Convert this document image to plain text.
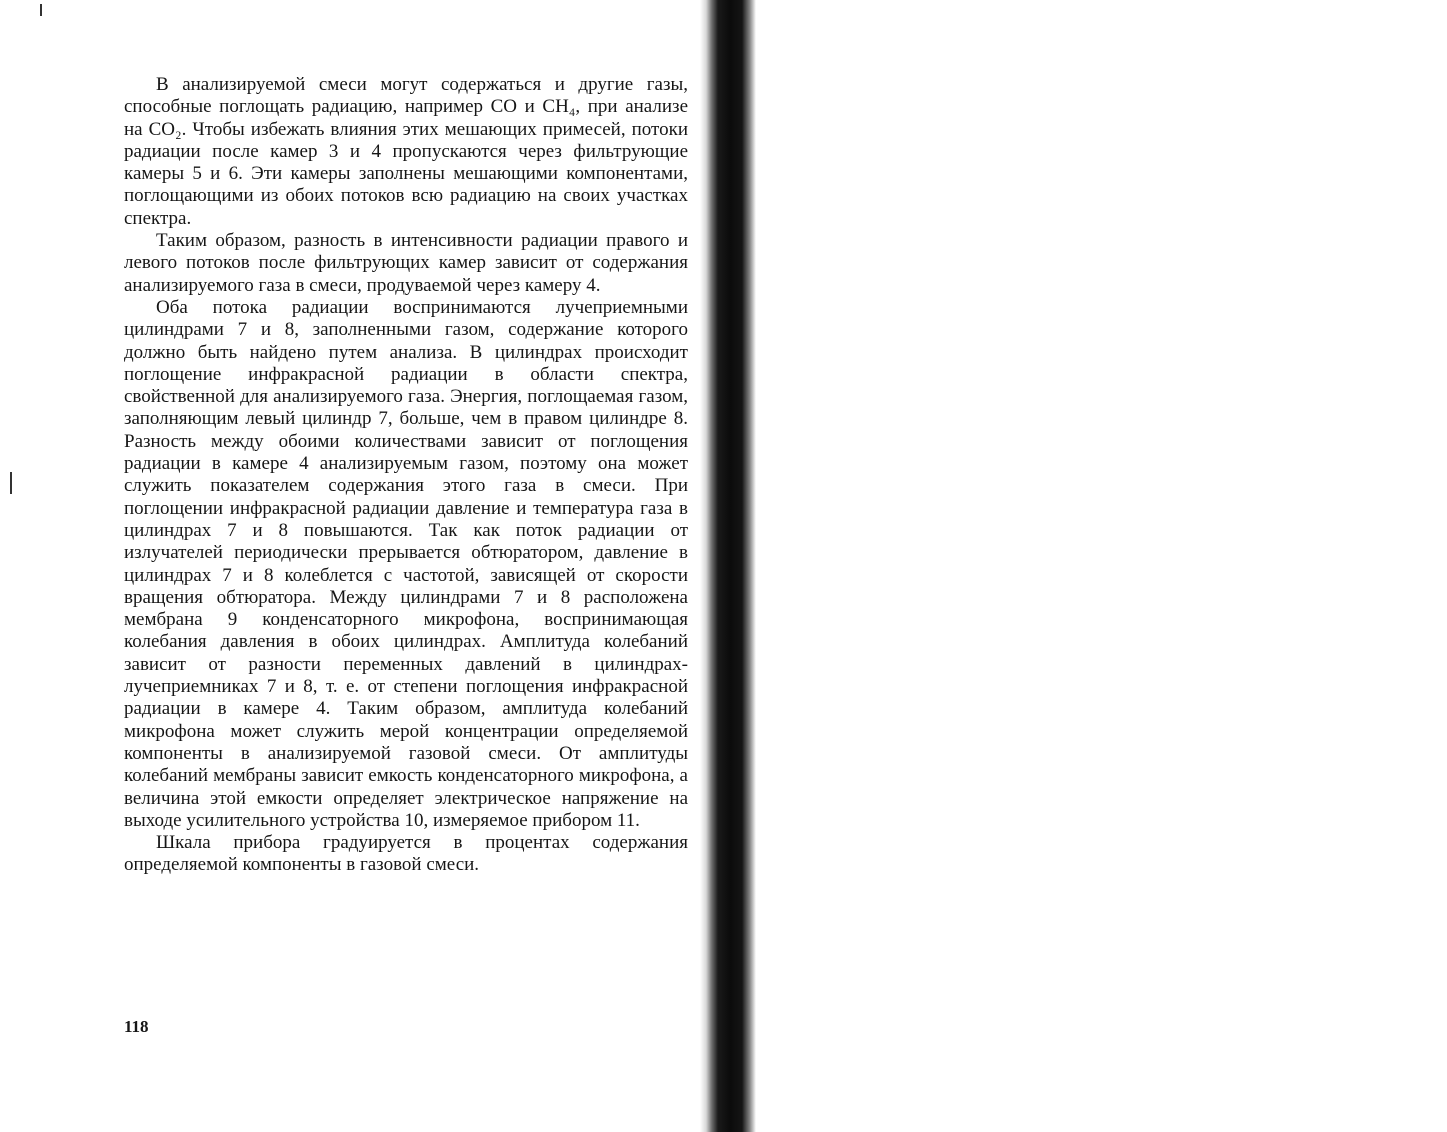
В анализируемой смеси могут содержаться и другие газы, способные поглощать радиацию, например СО и CH₄, при анализе на CO₂. Чтобы избежать влияния этих мешающих примесей, потоки радиации после камер 3 и 4 пропускаются через фильтрующие камеры 5 и 6. Эти камеры заполнены мешающими компонентами, поглощающими из обоих потоков всю радиацию на своих участках спектра.

Таким образом, разность в интенсивности радиации правого и левого потоков после фильтрующих камер зависит от содержания анализируемого газа в смеси, продуваемой через камеру 4.

Оба потока радиации воспринимаются лучеприемными цилиндрами 7 и 8, заполненными газом, содержание которого должно быть найдено путем анализа. В цилиндрах происходит поглощение инфракрасной радиации в области спектра, свойственной для анализируемого газа. Энергия, поглощаемая газом, заполняющим левый цилиндр 7, больше, чем в правом цилиндре 8. Разность между обоими количествами зависит от поглощения радиации в камере 4 анализируемым газом, поэтому она может служить показателем содержания этого газа в смеси. При поглощении инфракрасной радиации давление и температура газа в цилиндрах 7 и 8 повышаются. Так как поток радиации от излучателей периодически прерывается обтюратором, давление в цилиндрах 7 и 8 колеблется с частотой, зависящей от скорости вращения обтюратора. Между цилиндрами 7 и 8 расположена мембрана 9 конденсаторного микрофона, воспринимающая колебания давления в обоих цилиндрах. Амплитуда колебаний зависит от разности переменных давлений в цилиндрах-лучеприемниках 7 и 8, т. е. от степени поглощения инфракрасной радиации в камере 4. Таким образом, амплитуда колебаний микрофона может служить мерой концентрации определяемой компоненты в анализируемой газовой смеси. От амплитуды колебаний мембраны зависит емкость конденсаторного микрофона, а величина этой емкости определяет электрическое напряжение на выходе усилительного устройства 10, измеряемое прибором 11.

Шкала прибора градуируется в процентах содержания определяемой компоненты в газовой смеси.

118
